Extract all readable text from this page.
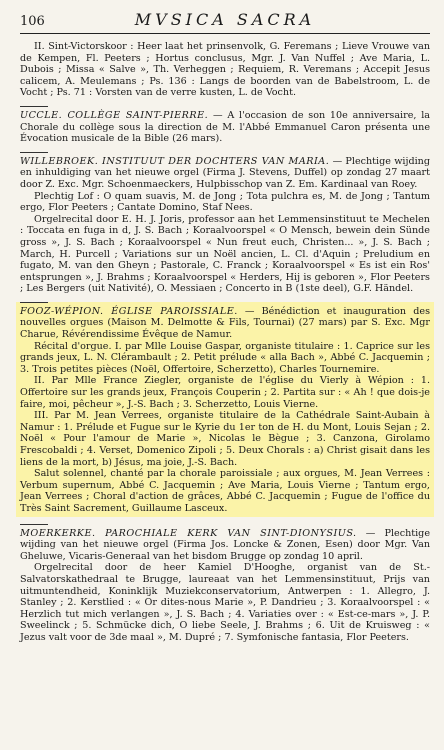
106	MVSICA SACRA

II. Sint-Victorskoor : Heer laat het prinsenvolk, G. Feremans ; Lieve Vrouwe van de Kempen, Fl. Peeters ; Hortus conclusus, Mgr. J. Van Nuffel ; Ave Maria, L. Dubois ; Missa « Salve », Th. Verheggen ; Requiem, R. Veremans ; Accepit Jesus calicem, A. Meulemans ; Ps. 136 : Langs de boorden van de Babelstroom, L. de Vocht ; Ps. 71 : Vorsten van de verre kusten, L. de Vocht.

UCCLE. COLLÈGE SAINT-PIERRE. — A l'occasion de son 10e anniversaire, la Chorale du collège sous la direction de M. l'Abbé Emmanuel Caron présenta une Évocation musicale de la Bible (26 mars).

WILLEBROEK. INSTITUUT DER DOCHTERS VAN MARIA. — Plechtige wijding en inhuldiging van het nieuwe orgel (Firma J. Stevens, Duffel) op zondag 27 maart door Z. Exc. Mgr. Schoenmaeckers, Hulpbisschop van Z. Em. Kardinaal van Roey.

Plechtig Lof : O quam suavis, M. de Jong ; Tota pulchra es, M. de Jong ; Tantum ergo, Flor Peeters ; Cantate Domino, Staf Nees.

Orgelrecital door E. H. J. Joris, professor aan het Lemmensinstituut te Mechelen : Toccata en fuga in d, J. S. Bach ; Koraalvoorspel « O Mensch, bewein dein Sünde gross », J. S. Bach ; Koraalvoorspel « Nun freut euch, Christen... », J. S. Bach ; March, H. Purcell ; Variations sur un Noël ancien, L. Cl. d'Aquin ; Preludium en fugato, M. van den Gheyn ; Pastorale, C. Franck ; Koraalvoorspel « Es ist ein Ros' entsprungen », J. Brahms ; Koraalvoorspel « Herders, Hij is geboren », Flor Peeters ; Les Bergers (uit Nativité), O. Messiaen ; Concerto in B (1ste deel), G.F. Händel.

FOOZ-WÉPION. ÉGLISE PAROISSIALE. — Bénédiction et inauguration des nouvelles orgues (Maison M. Delmotte & Fils, Tournai) (27 mars) par S. Exc. Mgr Charue, Révérendissime Évêque de Namur.

Récital d'orgue. I. par Mlle Louise Gaspar, organiste titulaire : 1. Caprice sur les grands jeux, L. N. Clérambault ; 2. Petit prélude « alla Bach », Abbé C. Jacquemin ; 3. Trois petites pièces (Noël, Offertoire, Scherzetto), Charles Tournemire.

II. Par Mlle France Ziegler, organiste de l'église du Vierly à Wépion : 1. Offertoire sur les grands jeux, François Couperin ; 2. Partita sur : « Ah ! que dois-je faire, moi, pêcheur », J.-S. Bach ; 3. Scherzetto, Louis Vierne.

III. Par M. Jean Verrees, organiste titulaire de la Cathédrale Saint-Aubain à Namur : 1. Prélude et Fugue sur le Kyrie du 1er ton de H. du Mont, Louis Sejan ; 2. Noël « Pour l'amour de Marie », Nicolas le Bègue ; 3. Canzona, Girolamo Frescobaldi ; 4. Verset, Domenico Zipoli ; 5. Deux Chorals : a) Christ gisait dans les liens de la mort, b) Jésus, ma joie, J.-S. Bach.

Salut solennel, chanté par la chorale paroissiale ; aux orgues, M. Jean Verrees : Verbum supernum, Abbé C. Jacquemin ; Ave Maria, Louis Vierne ; Tantum ergo, Jean Verrees ; Choral d'action de grâces, Abbé C. Jacquemin ; Fugue de l'office du Très Saint Sacrement, Guillaume Lasceux.

MOERKERKE. PAROCHIALE KERK VAN SINT-DIONYSIUS. — Plechtige wijding van het nieuwe orgel (Firma Jos. Loncke & Zonen, Esen) door Mgr. Van Gheluwe, Vicaris-Generaal van het bisdom Brugge op zondag 10 april.

Orgelrecital door de heer Kamiel D'Hooghe, organist van de St.-Salvatorskathedraal te Brugge, laureaat van het Lemmensinstituut, Prijs van uitmuntendheid, Koninklijk Muziekconservatorium, Antwerpen : 1. Allegro, J. Stanley ; 2. Kerstlied : « Or dites-nous Marie », P. Dandrieu ; 3. Koraalvoorspel : « Herzlich tut mich verlangen », J. S. Bach ; 4. Variaties over : « Est-ce-mars », J. P. Sweelinck ; 5. Schmücke dich, O liebe Seele, J. Brahms ; 6. Uit de Kruisweg : « Jezus valt voor de 3de maal », M. Dupré ; 7. Symfonische fantasia, Flor Peeters.
